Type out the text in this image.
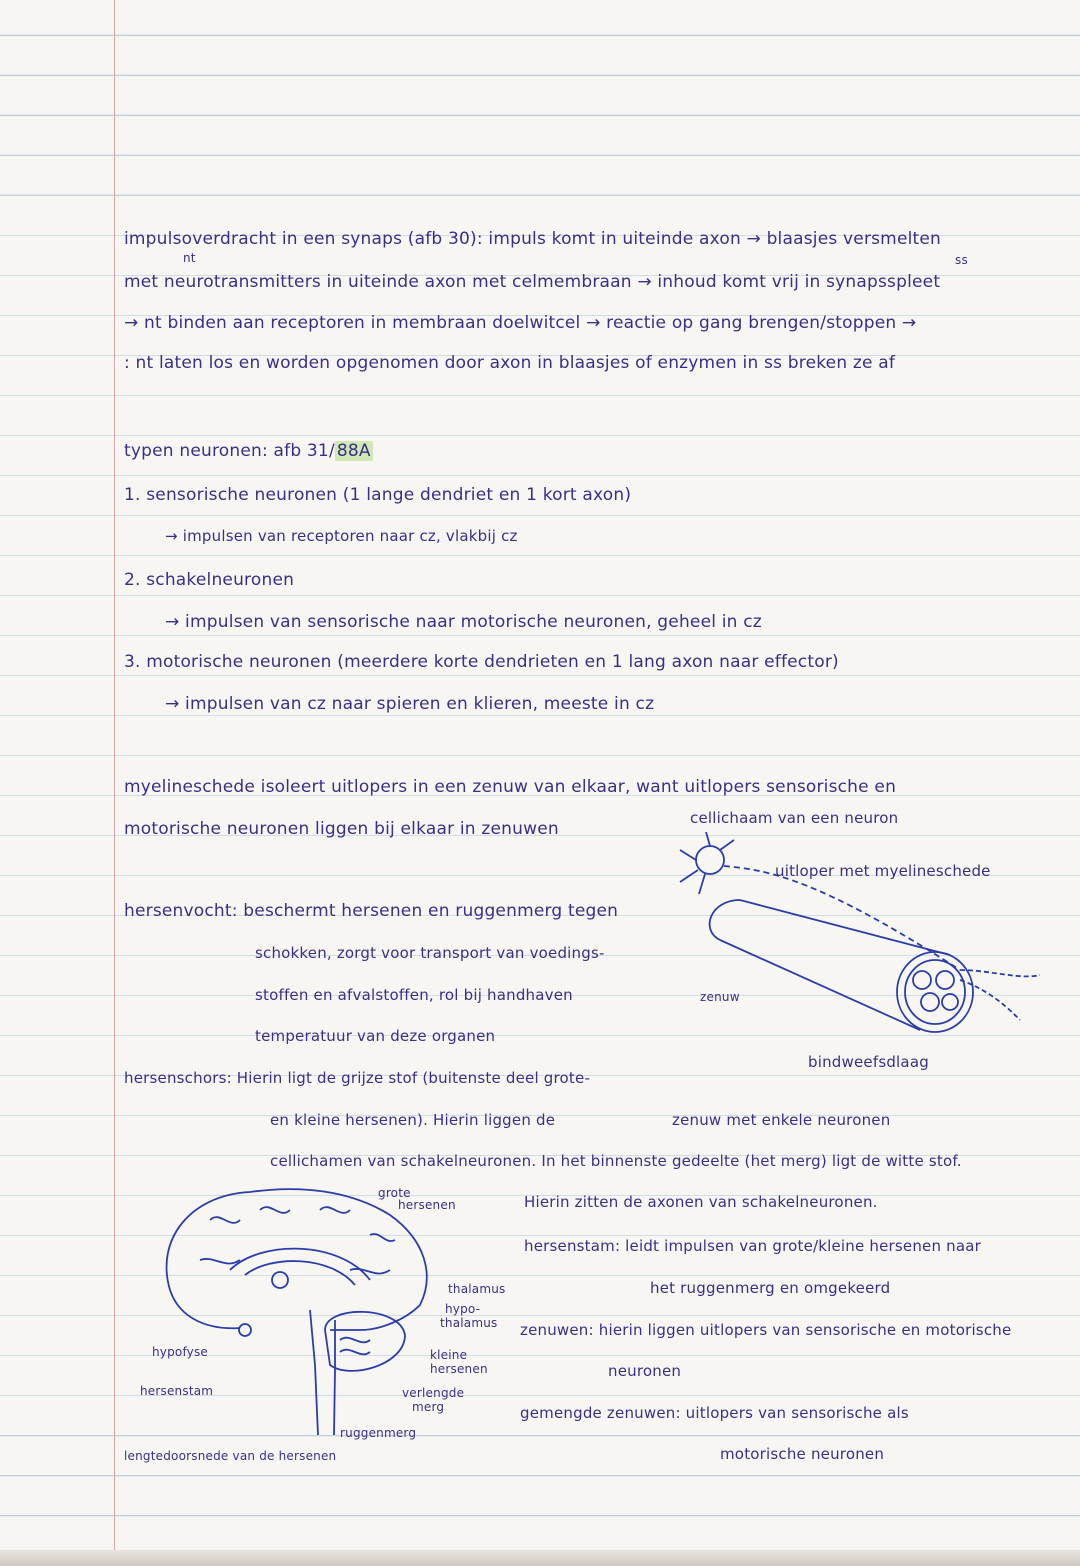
impulsoverdracht in een synaps (afb 30): impuls komt in uiteinde axon → blaasjes versmelten
nt	ss
met neurotransmitters in uiteinde axon met celmembraan → inhoud komt vrij in synapsspleet
→ nt binden aan receptoren in membraan doelwitcel → reactie op gang brengen/stoppen →
: nt laten los en worden opgenomen door axon in blaasjes of enzymen in ss breken ze af
typen neuronen: afb 31/ 88A
1. sensorische neuronen (1 lange dendriet en 1 kort axon)
→ impulsen van receptoren naar cz, vlakbij cz
2. schakelneuronen
→ impulsen van sensorische naar motorische neuronen, geheel in cz
3. motorische neuronen (meerdere korte dendrieten en 1 lang axon naar effector)
→ impulsen van cz naar spieren en klieren, meeste in cz
myelineschede isoleert uitlopers in een zenuw van elkaar, want uitlopers sensorische en
motorische neuronen liggen bij elkaar in zenuwen
cellichaam van een neuron
uitloper met myelineschede
zenuw
bindweefsdlaag
zenuw met enkele neuronen
hersenvocht: beschermt hersenen en ruggenmerg tegen
schokken, zorgt voor transport van voedings-
stoffen en afvalstoffen, rol bij handhaven
temperatuur van deze organen
hersenschors: Hierin ligt de grijze stof (buitenste deel grote-
en kleine hersenen). Hierin liggen de
cellichamen van schakelneuronen. In het binnenste gedeelte (het merg) ligt de witte stof.
Hierin zitten de axonen van schakelneuronen.
hersenstam: leidt impulsen van grote/kleine hersenen naar
het ruggenmerg en omgekeerd
zenuwen: hierin liggen uitlopers van sensorische en motorische
neuronen
gemengde zenuwen: uitlopers van sensorische als
motorische neuronen
grote
hersenen
thalamus
hypo-
thalamus
kleine
hersenen
verlengde
merg
ruggenmerg
hypofyse
hersenstam
lengtedoorsnede van de hersenen
